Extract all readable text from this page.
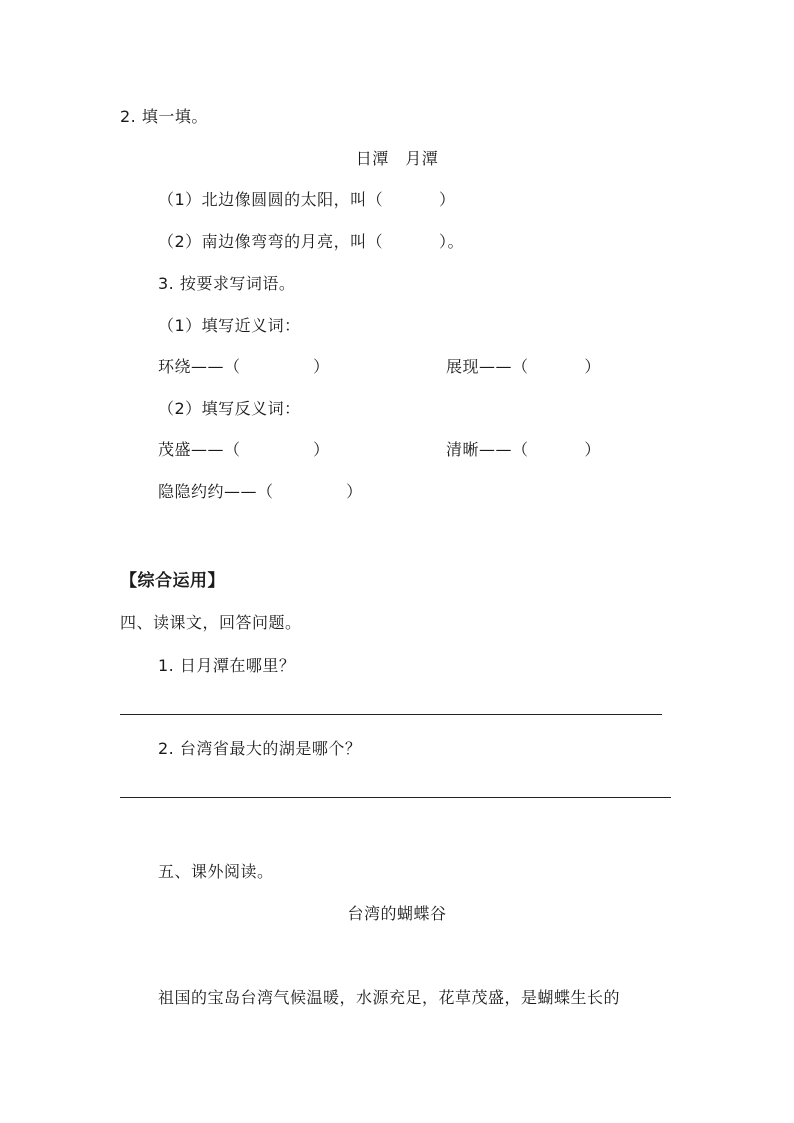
2. 填一填。
日潭　月潭
（1）北边像圆圆的太阳，叫（          ）
（2）南边像弯弯的月亮，叫（          ）。
3. 按要求写词语。
（1）填写近义词：
环绕——（             ）	展现——（          ）
（2）填写反义词：
茂盛——（             ）	清晰——（          ）
隐隐约约——（             ）
【综合运用】
四、读课文，回答问题。
1. 日月潭在哪里？
2. 台湾省最大的湖是哪个？
五、课外阅读。
台湾的蝴蝶谷
祖国的宝岛台湾气候温暖，水源充足，花草茂盛，是蝴蝶生长的
